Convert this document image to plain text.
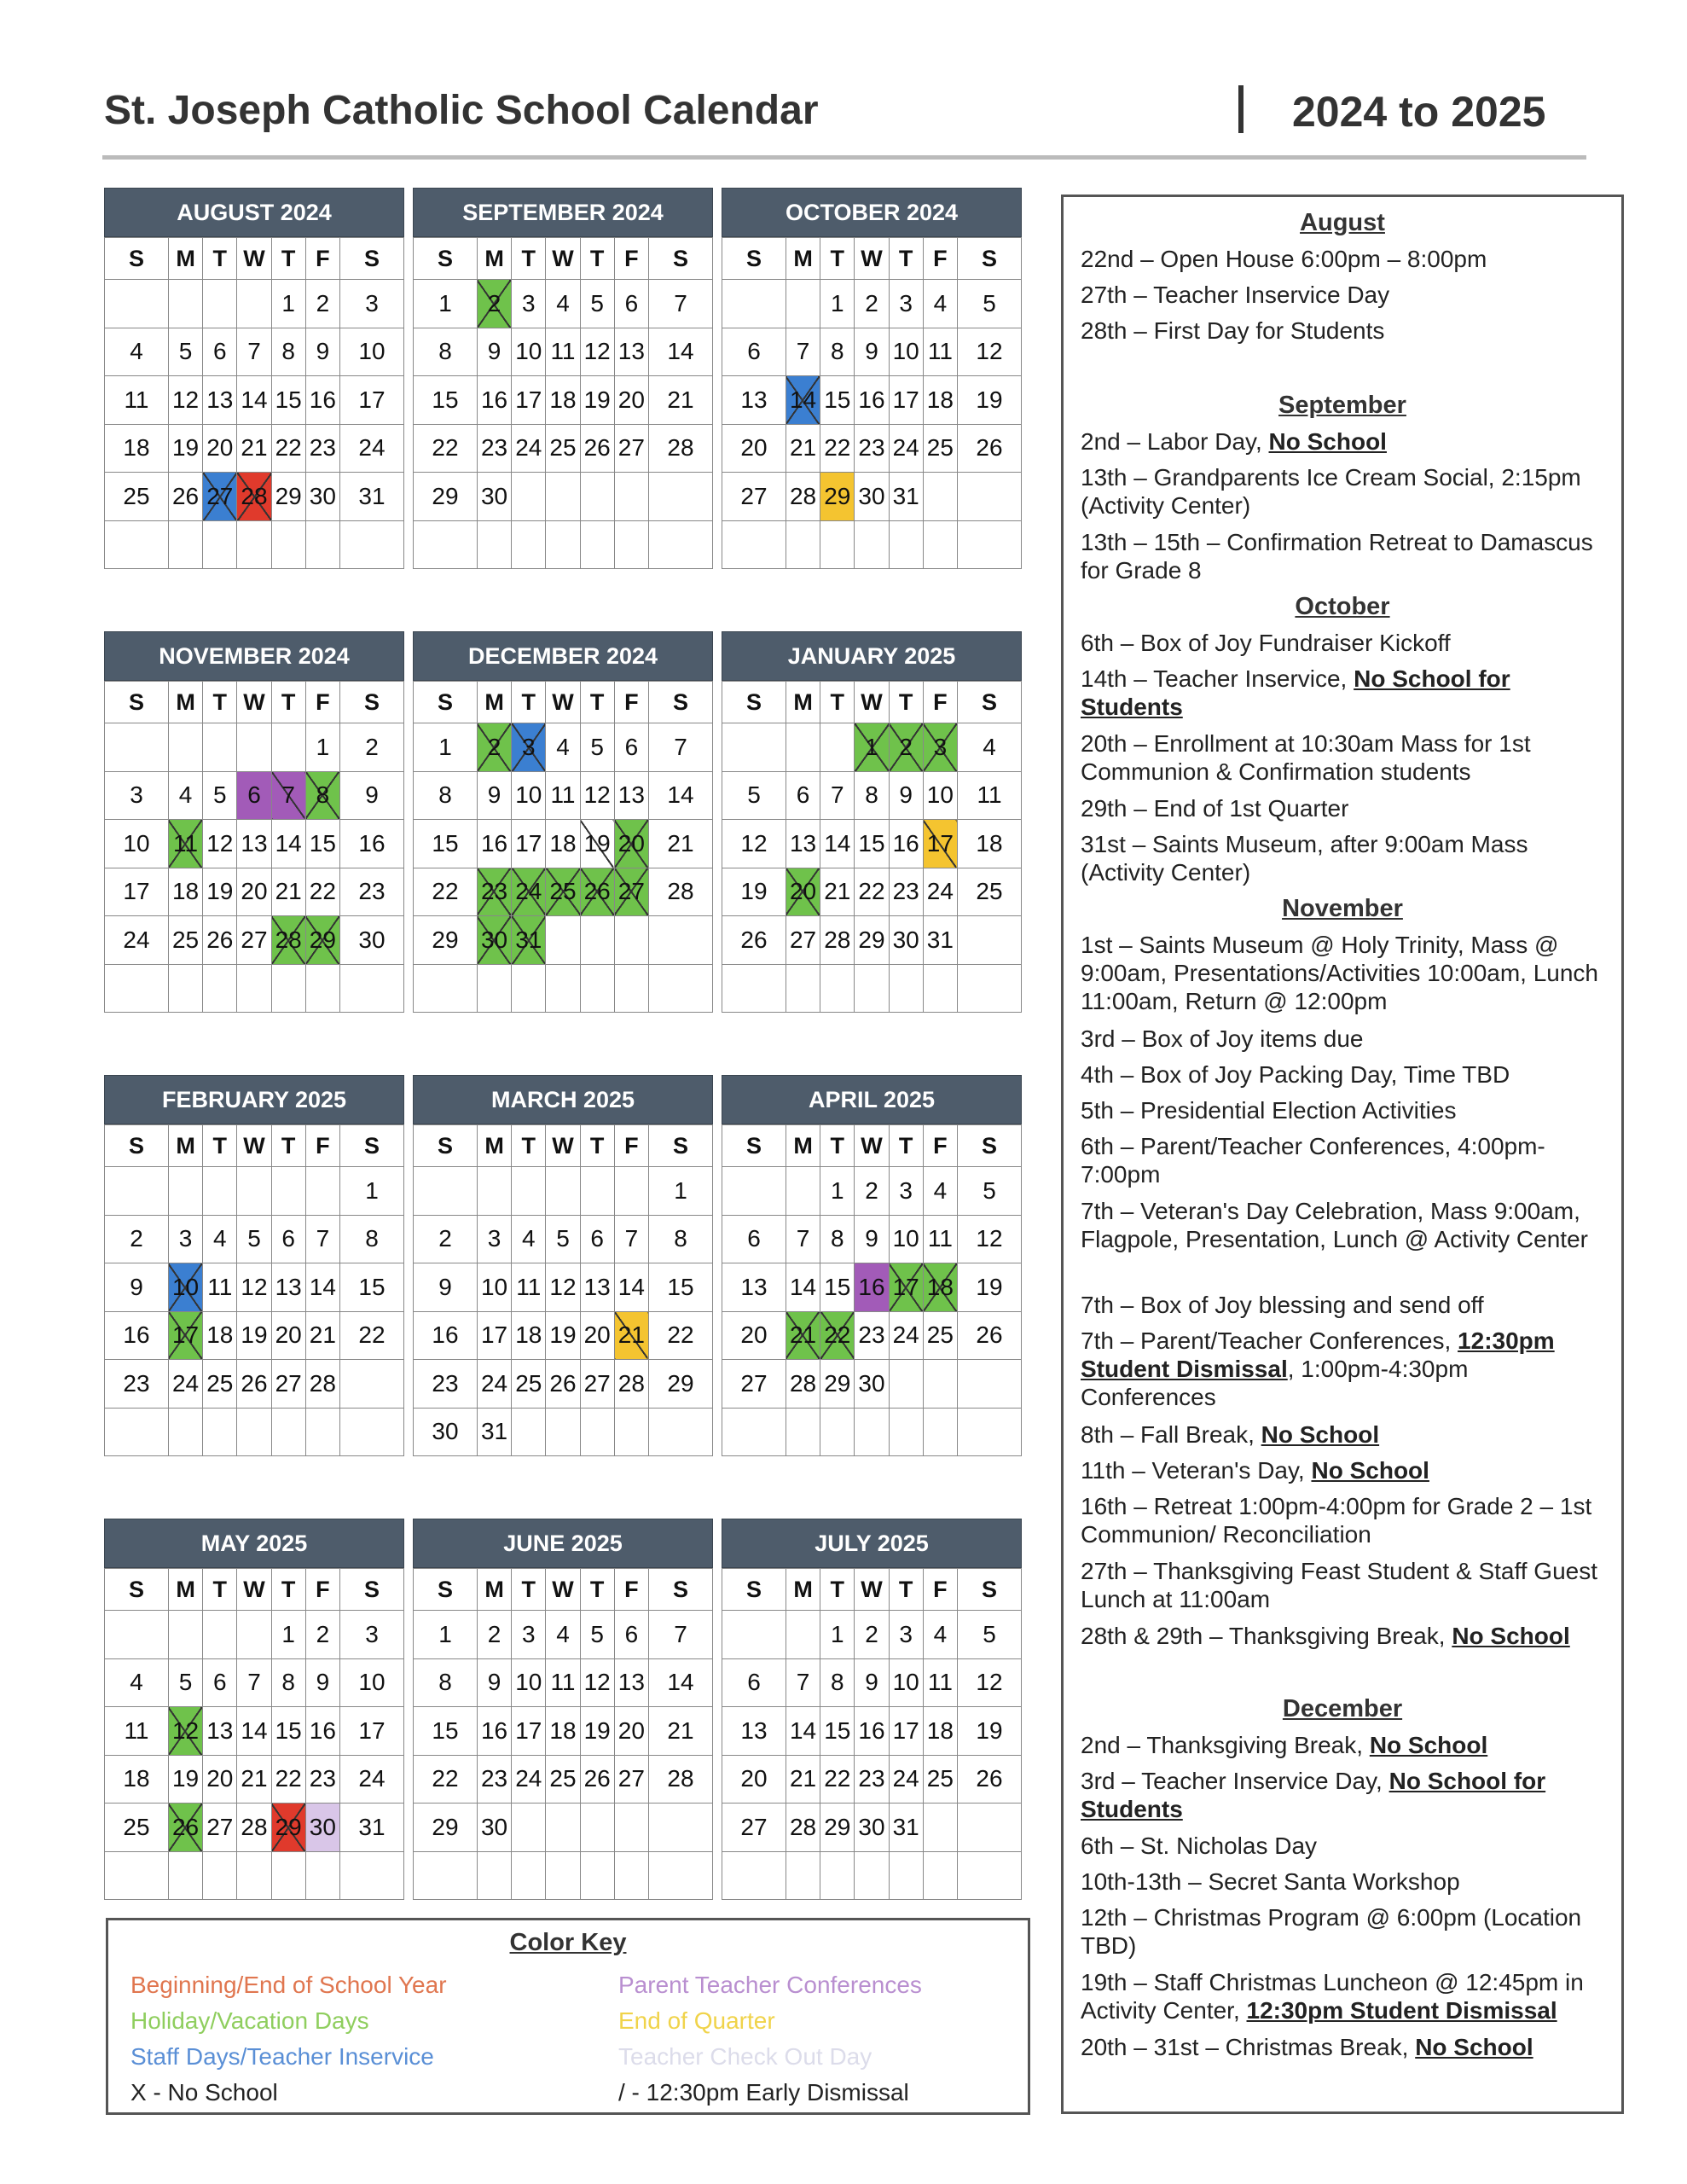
St. Joseph Catholic School Calendar	2024 to 2025
AUGUST 2024
S	M	T	W	T	F	S
				1	2	3
4	5	6	7	8	9	10
11	12	13	14	15	16	17
18	19	20	21	22	23	24
25	26	27	28	29	30	31

SEPTEMBER 2024
S	M	T	W	T	F	S
1	2	3	4	5	6	7
8	9	10	11	12	13	14
15	16	17	18	19	20	21
22	23	24	25	26	27	28
29	30					

OCTOBER 2024
S	M	T	W	T	F	S
		1	2	3	4	5
6	7	8	9	10	11	12
13	14	15	16	17	18	19
20	21	22	23	24	25	26
27	28	29	30	31		

NOVEMBER 2024
S	M	T	W	T	F	S
					1	2
3	4	5	6	7	8	9
10	11	12	13	14	15	16
17	18	19	20	21	22	23
24	25	26	27	28	29	30

DECEMBER 2024
S	M	T	W	T	F	S
1	2	3	4	5	6	7
8	9	10	11	12	13	14
15	16	17	18	19	20	21
22	23	24	25	26	27	28
29	30	31				

JANUARY 2025
S	M	T	W	T	F	S
			1	2	3	4
5	6	7	8	9	10	11
12	13	14	15	16	17	18
19	20	21	22	23	24	25
26	27	28	29	30	31	

FEBRUARY 2025
S	M	T	W	T	F	S
						1
2	3	4	5	6	7	8
9	10	11	12	13	14	15
16	17	18	19	20	21	22
23	24	25	26	27	28	

MARCH 2025
S	M	T	W	T	F	S
						1
2	3	4	5	6	7	8
9	10	11	12	13	14	15
16	17	18	19	20	21	22
23	24	25	26	27	28	29
30	31					
APRIL 2025
S	M	T	W	T	F	S
		1	2	3	4	5
6	7	8	9	10	11	12
13	14	15	16	17	18	19
20	21	22	23	24	25	26
27	28	29	30			

MAY 2025
S	M	T	W	T	F	S
				1	2	3
4	5	6	7	8	9	10
11	12	13	14	15	16	17
18	19	20	21	22	23	24
25	26	27	28	29	30	31

JUNE 2025
S	M	T	W	T	F	S
1	2	3	4	5	6	7
8	9	10	11	12	13	14
15	16	17	18	19	20	21
22	23	24	25	26	27	28
29	30					

JULY 2025
S	M	T	W	T	F	S
		1	2	3	4	5
6	7	8	9	10	11	12
13	14	15	16	17	18	19
20	21	22	23	24	25	26
27	28	29	30	31		

Color Key
Beginning/End of School Year
Holiday/Vacation Days
Staff Days/Teacher Inservice
X - No School
Parent Teacher Conferences
End of Quarter
Teacher Check Out Day
/ - 12:30pm Early Dismissal
August
22nd – Open House 6:00pm – 8:00pm
27th – Teacher Inservice Day
28th – First Day for Students
September
2nd – Labor Day, No School
13th – Grandparents Ice Cream Social, 2:15pm (Activity Center)
13th – 15th – Confirmation Retreat to Damascus for Grade 8
October
6th – Box of Joy Fundraiser Kickoff
14th – Teacher Inservice, No School for Students
20th – Enrollment at 10:30am Mass for 1st Communion & Confirmation students
29th – End of 1st Quarter
31st – Saints Museum, after 9:00am Mass (Activity Center)
November
1st – Saints Museum @ Holy Trinity, Mass @ 9:00am, Presentations/Activities 10:00am, Lunch 11:00am, Return @ 12:00pm
3rd – Box of Joy items due
4th – Box of Joy Packing Day, Time TBD
5th – Presidential Election Activities
6th – Parent/Teacher Conferences, 4:00pm-7:00pm
7th – Veteran's Day Celebration, Mass 9:00am, Flagpole, Presentation, Lunch @ Activity Center
7th – Box of Joy blessing and send off
7th – Parent/Teacher Conferences, 12:30pm Student Dismissal, 1:00pm-4:30pm Conferences
8th – Fall Break, No School
11th – Veteran's Day, No School
16th – Retreat 1:00pm-4:00pm for Grade 2 – 1st Communion/ Reconciliation
27th – Thanksgiving Feast Student & Staff Guest Lunch at 11:00am
28th & 29th – Thanksgiving Break, No School
December
2nd – Thanksgiving Break, No School
3rd – Teacher Inservice Day, No School for Students
6th – St. Nicholas Day
10th-13th – Secret Santa Workshop
12th – Christmas Program @ 6:00pm (Location TBD)
19th – Staff Christmas Luncheon @ 12:45pm in Activity Center, 12:30pm Student Dismissal
20th – 31st – Christmas Break, No School
